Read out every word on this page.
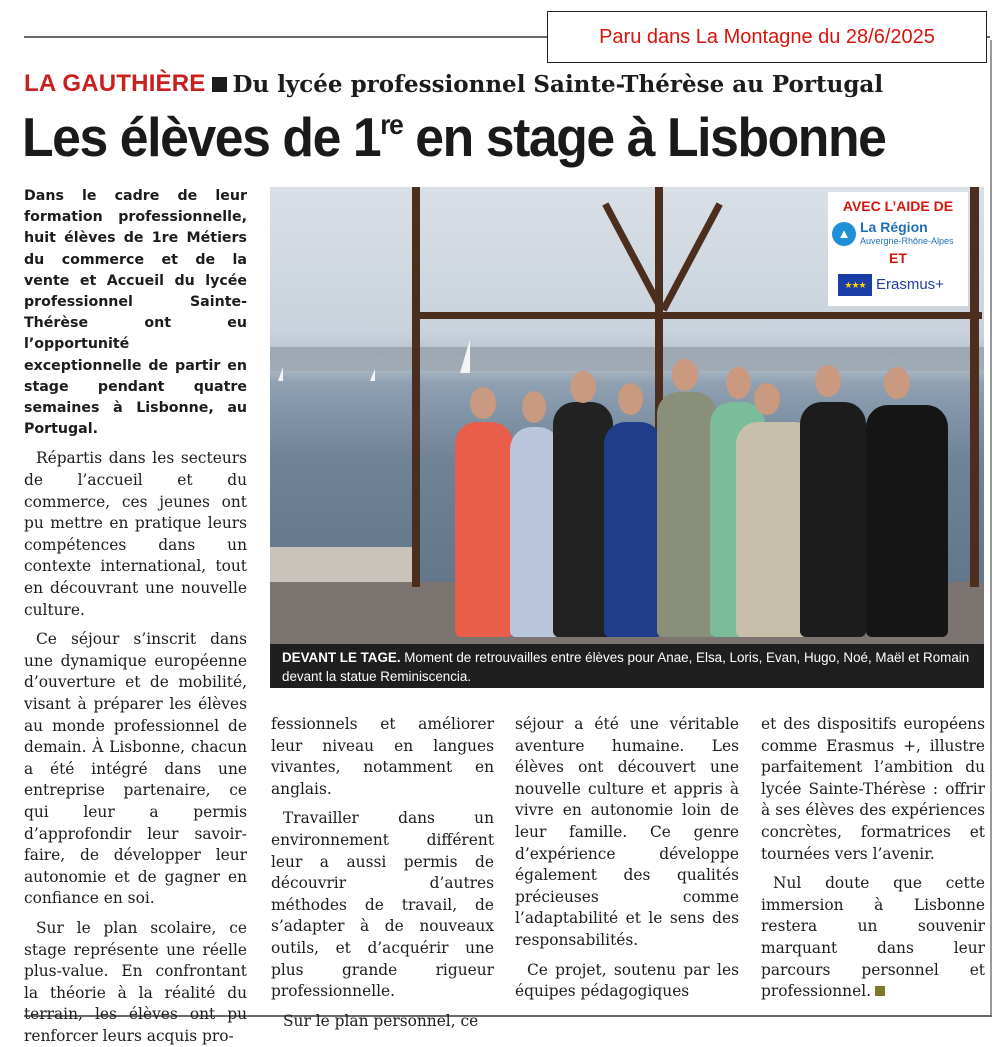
Paru dans La Montagne du 28/6/2025
LA GAUTHIÈRE Du lycée professionnel Sainte-Thérèse au Portugal
Les élèves de 1re en stage à Lisbonne

Dans le cadre de leur formation professionnelle, huit élèves de 1re Métiers du commerce et de la vente et Accueil du lycée professionnel Sainte-Thérèse ont eu l’opportunité exceptionnelle de partir en stage pendant quatre semaines à Lisbonne, au Portugal.

Répartis dans les secteurs de l’accueil et du commerce, ces jeunes ont pu mettre en pratique leurs compétences dans un contexte international, tout en découvrant une nouvelle culture.

Ce séjour s’inscrit dans une dynamique européenne d’ouverture et de mobilité, visant à préparer les élèves au monde professionnel de demain. À Lisbonne, chacun a été intégré dans une entreprise partenaire, ce qui leur a permis d’approfondir leur savoir-faire, de développer leur autonomie et de gagner en confiance en soi.

Sur le plan scolaire, ce stage représente une réelle plus-value. En confrontant la théorie à la réalité du terrain, les élèves ont pu renforcer leurs acquis pro-

AVEC L’AIDE DE
▲ La Région
Auvergne-Rhône-Alpes
ET
★★★ Erasmus+
DEVANT LE TAGE. Moment de retrouvailles entre élèves pour Anae, Elsa, Loris, Evan, Hugo, Noé, Maël et Romain devant la statue Reminiscencia.

fessionnels et améliorer leur niveau en langues vivantes, notamment en anglais.

Travailler dans un environnement différent leur a aussi permis de découvrir d’autres méthodes de travail, de s’adapter à de nouveaux outils, et d’acquérir une plus grande rigueur professionnelle.

Sur le plan personnel, ce

séjour a été une véritable aventure humaine. Les élèves ont découvert une nouvelle culture et appris à vivre en autonomie loin de leur famille. Ce genre d’expérience développe également des qualités précieuses comme l’adaptabilité et le sens des responsabilités.

Ce projet, soutenu par les équipes pédagogiques

et des dispositifs européens comme Erasmus +, illustre parfaitement l’ambition du lycée Sainte-Thérèse : offrir à ses élèves des expériences concrètes, formatrices et tournées vers l’avenir.

Nul doute que cette immersion à Lisbonne restera un souvenir marquant dans leur parcours personnel et professionnel.
